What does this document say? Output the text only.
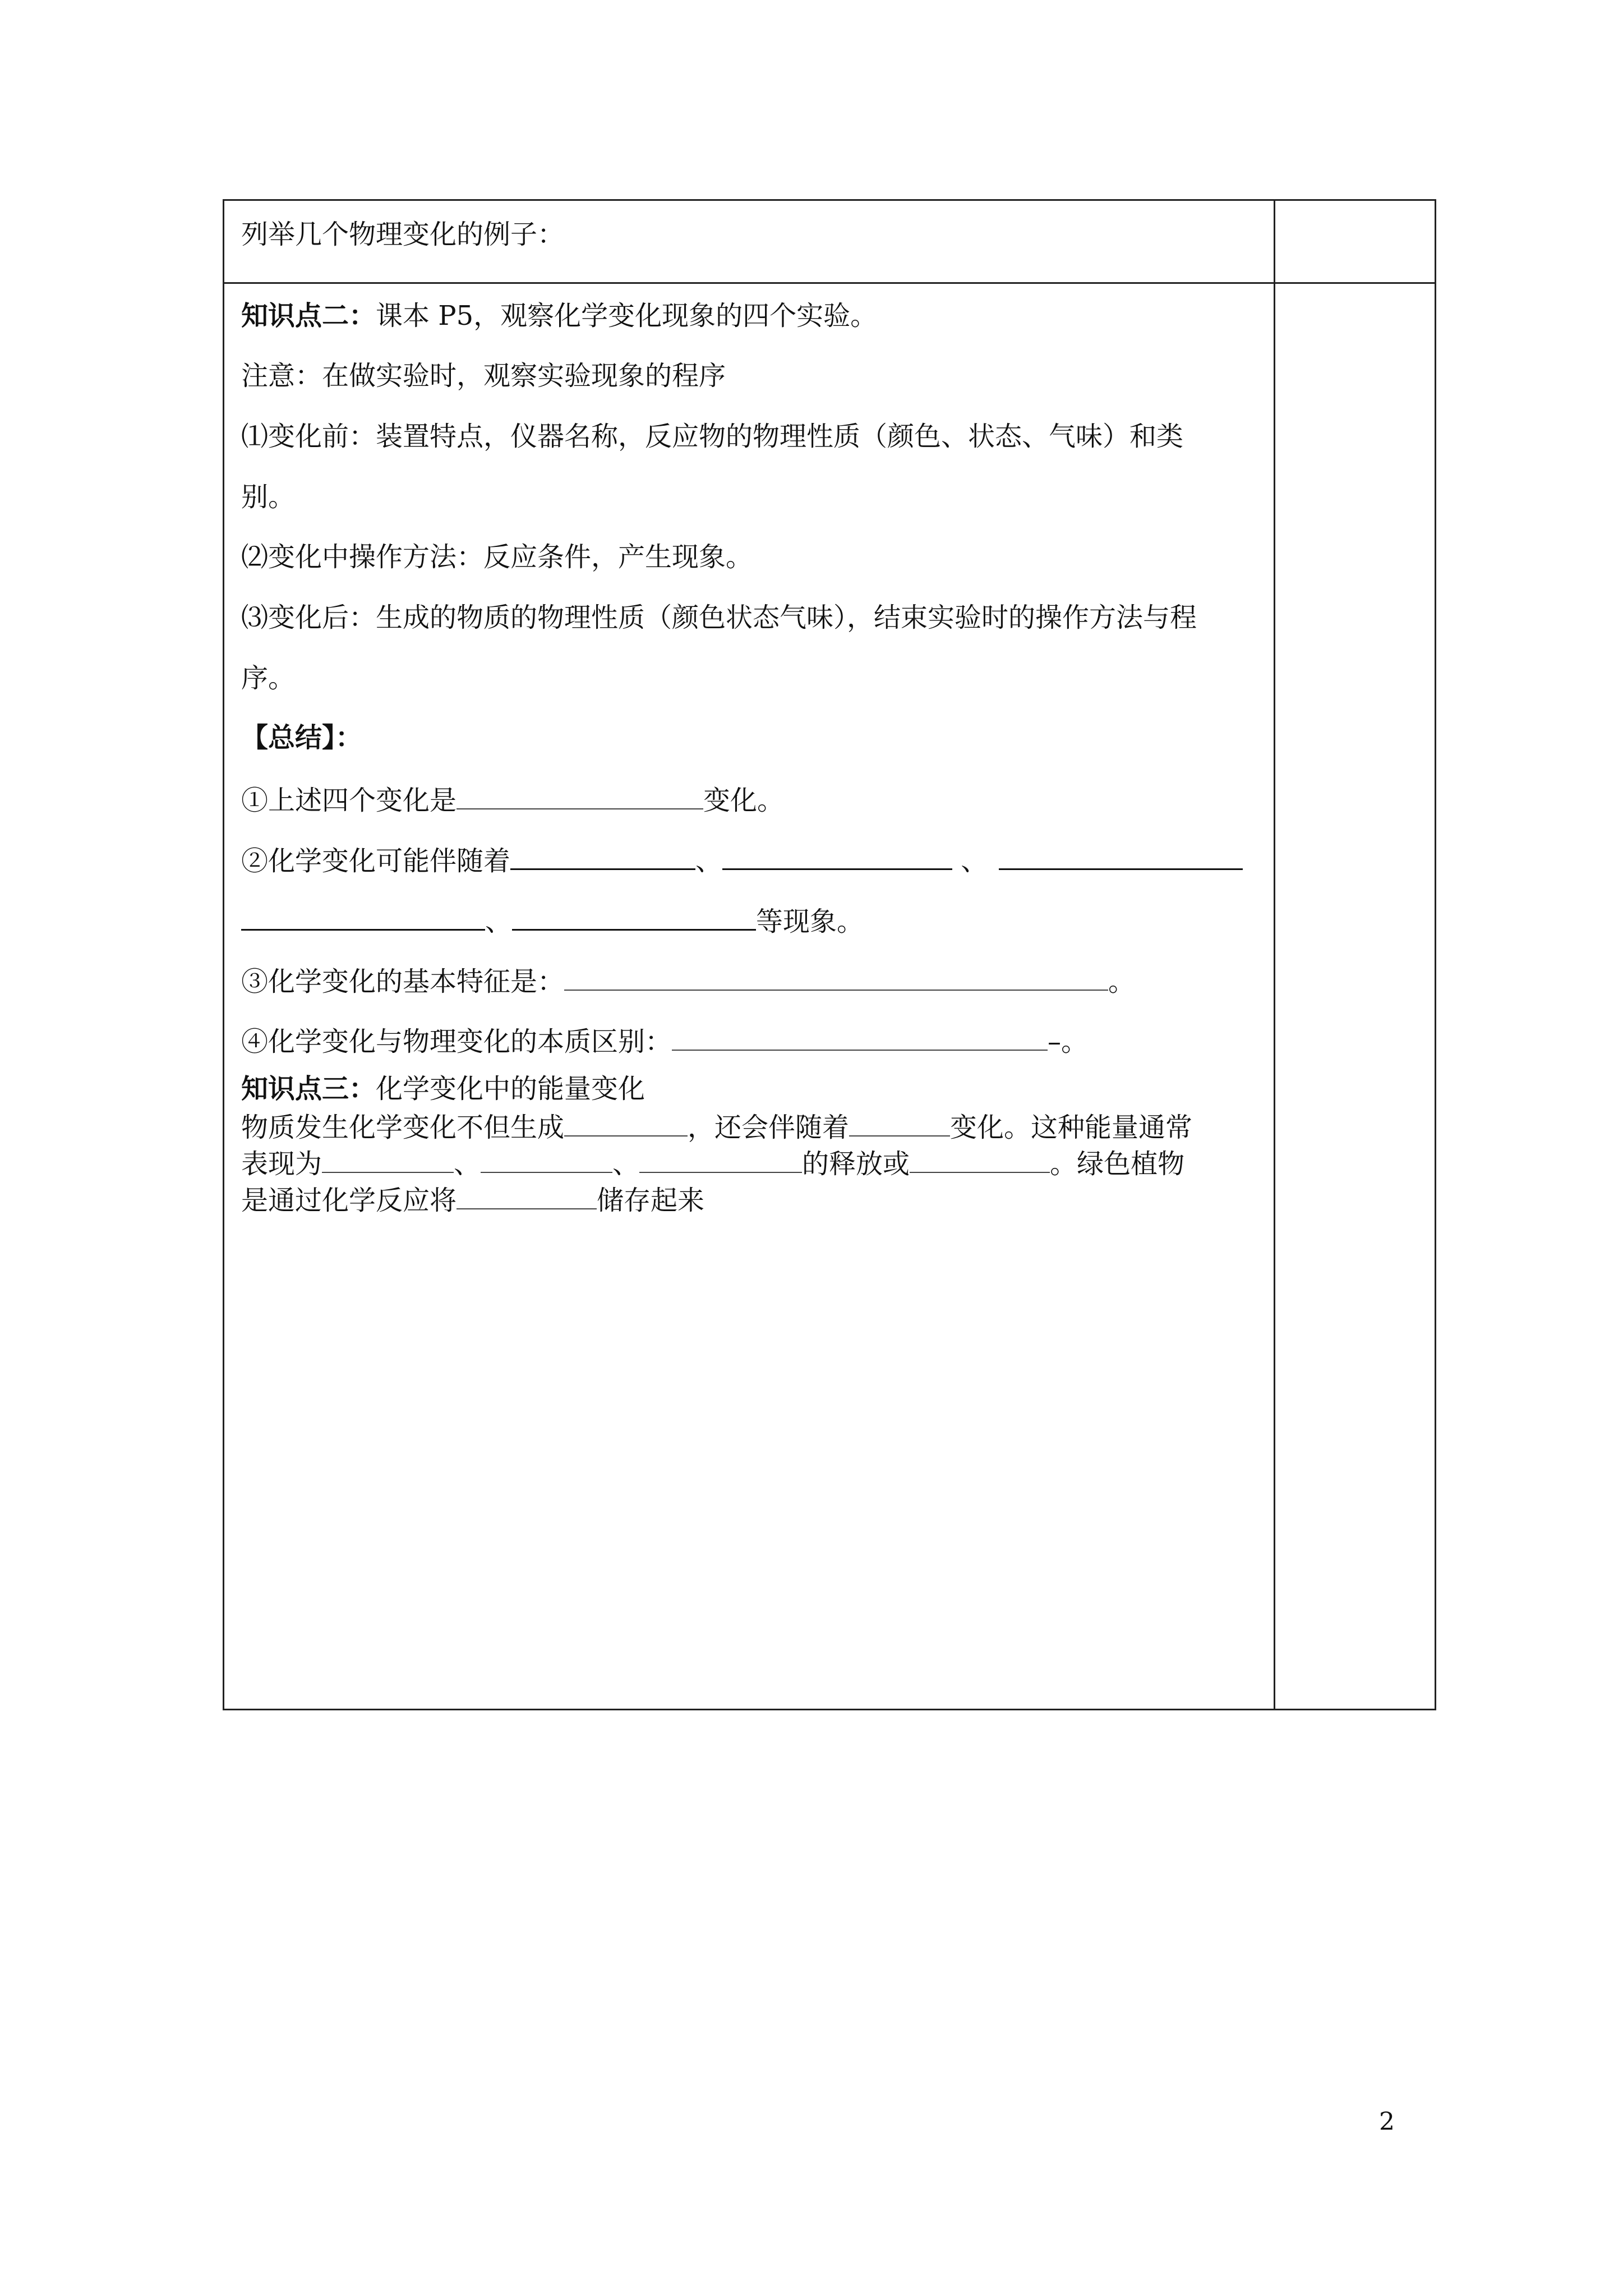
列举几个物理变化的例子：
知识点二：课本 P5，观察化学变化现象的四个实验。
注意：在做实验时，观察实验现象的程序
⑴变化前：装置特点，仪器名称，反应物的物理性质（颜色、状态、气味）和类
别。
⑵变化中操作方法：反应条件，产生现象。
⑶变化后：生成的物质的物理性质（颜色状态气味），结束实验时的操作方法与程
序。
【总结】：
①上述四个变化是	变化。
②化学变化可能伴随着	、	、
、	等现象。
③化学变化的基本特征是：	。
④化学变化与物理变化的本质区别：	–。
知识点三：化学变化中的能量变化
物质发生化学变化不但生成	，还会伴随着	变化。这种能量通常
表现为	、	、	的释放或	。绿色植物
是通过化学反应将	储存起来
2
